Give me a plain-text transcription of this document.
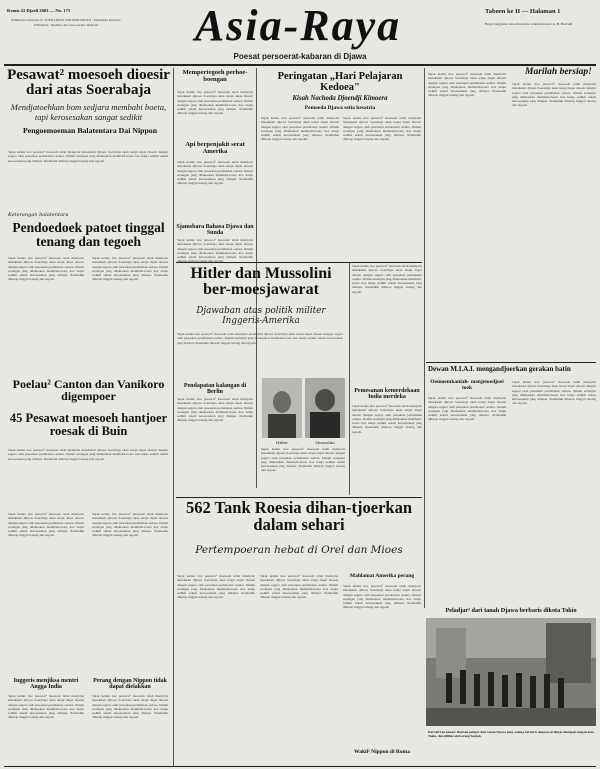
Kemis 22 Djoeli 2603 — No. 171
Pemimpin Oemoem: R. SOEKARDJO WIRJOPRANOTO · Pemimpin Redaksi: WIDJASA · Redaksi dan Tata-oesaha: Djakarta	Asia-Raya
Poesat persoerat-kabaran di Djawa
Taboen ke II — Halaman 1
Harga langganan dan advertentie: Administratoer A. H. HAZAR
Pesawat² moesoeh dioesir dari atas Soerabaja
Mendjatoehkan bom sedjara membabi boeta, tapi kerosesakan sangat sedikit
Pengoemoeman Balatentara Dai Nippon
Sejak ketika itoe pesawat² moesoeh telah mentjoba mendekati djiroes Soerabaja akan tetapi dapat dioesir dengan segera oleh pasoekan pertahanan oedara. Dalam serangan jang dilakoekan membabi-boeta itoe hanja sedikit sekali kerosesakan jang didapat. Penduduk diharap tinggal tenang dan tegoeh.
Keterangan balatentara
Pendoedoek patoet tinggal tenang dan tegoeh
Sejak ketika itoe pesawat² moesoeh telah mentjoba mendekati djiroes Soerabaja akan tetapi dapat dioesir dengan segera oleh pasoekan pertahanan oedara. Dalam serangan jang dilakoekan membabi-boeta itoe hanja sedikit sekali kerosesakan jang didapat. Penduduk diharap tinggal tenang dan tegoeh.
Sejak ketika itoe pesawat² moesoeh telah mentjoba mendekati djiroes Soerabaja akan tetapi dapat dioesir dengan segera oleh pasoekan pertahanan oedara. Dalam serangan jang dilakoekan membabi-boeta itoe hanja sedikit sekali kerosesakan jang didapat. Penduduk diharap tinggal tenang dan tegoeh.
Poelau² Canton dan Vanikoro digempoer
45 Pesawat moesoeh hantjoer roesak di Buin
Sejak ketika itoe pesawat² moesoeh telah mentjoba mendekati djiroes Soerabaja akan tetapi dapat dioesir dengan segera oleh pasoekan pertahanan oedara. Dalam serangan jang dilakoekan membabi-boeta itoe hanja sedikit sekali kerosesakan jang didapat. Penduduk diharap tinggal tenang dan tegoeh.
Sejak ketika itoe pesawat² moesoeh telah mentjoba mendekati djiroes Soerabaja akan tetapi dapat dioesir dengan segera oleh pasoekan pertahanan oedara. Dalam serangan jang dilakoekan membabi-boeta itoe hanja sedikit sekali kerosesakan jang didapat. Penduduk diharap tinggal tenang dan tegoeh.
Sejak ketika itoe pesawat² moesoeh telah mentjoba mendekati djiroes Soerabaja akan tetapi dapat dioesir dengan segera oleh pasoekan pertahanan oedara. Dalam serangan jang dilakoekan membabi-boeta itoe hanja sedikit sekali kerosesakan jang didapat. Penduduk diharap tinggal tenang dan tegoeh.
Inggeris menjiksa mentri Angga India
Sejak ketika itoe pesawat² moesoeh telah mentjoba mendekati djiroes Soerabaja akan tetapi dapat dioesir dengan segera oleh pasoekan pertahanan oedara. Dalam serangan jang dilakoekan membabi-boeta itoe hanja sedikit sekali kerosesakan jang didapat. Penduduk diharap tinggal tenang dan tegoeh.
Perang dengan Nippon tidak dapat dielakkan
Sejak ketika itoe pesawat² moesoeh telah mentjoba mendekati djiroes Soerabaja akan tetapi dapat dioesir dengan segera oleh pasoekan pertahanan oedara. Dalam serangan jang dilakoekan membabi-boeta itoe hanja sedikit sekali kerosesakan jang didapat. Penduduk diharap tinggal tenang dan tegoeh.
Mempertegoeh perhoe-boengan
Sejak ketika itoe pesawat² moesoeh telah mentjoba mendekati djiroes Soerabaja akan tetapi dapat dioesir dengan segera oleh pasoekan pertahanan oedara. Dalam serangan jang dilakoekan membabi-boeta itoe hanja sedikit sekali kerosesakan jang didapat. Penduduk diharap tinggal tenang dan tegoeh.
Api berpenjakit serat Amerika
Sejak ketika itoe pesawat² moesoeh telah mentjoba mendekati djiroes Soerabaja akan tetapi dapat dioesir dengan segera oleh pasoekan pertahanan oedara. Dalam serangan jang dilakoekan membabi-boeta itoe hanja sedikit sekali kerosesakan jang didapat. Penduduk diharap tinggal tenang dan tegoeh.
Sjamsbara Bahasa Djawa dan Sunda
Sejak ketika itoe pesawat² moesoeh telah mentjoba mendekati djiroes Soerabaja akan tetapi dapat dioesir dengan segera oleh pasoekan pertahanan oedara. Dalam serangan jang dilakoekan membabi-boeta itoe hanja sedikit sekali kerosesakan jang didapat. Penduduk
Pendapatan kalangan di Berlin
Sejak ketika itoe pesawat² moesoeh telah mentjoba mendekati djiroes Soerabaja akan tetapi dapat dioesir dengan segera oleh pasoekan pertahanan oedara. Dalam serangan jang dilakoekan membabi-boeta itoe hanja sedikit sekali kerosesakan jang didapat. Penduduk diharap tinggal tenang dan tegoeh.
Peringatan „Hari Pelajaran Kedoea"
Kisah Nachoda Djoendji Kimoera
Pemoeda Djawa setia kesatria
Sejak ketika itoe pesawat² moesoeh telah mentjoba mendekati djiroes Soerabaja akan tetapi dapat dioesir dengan segera oleh pasoekan pertahanan oedara. Dalam serangan jang dilakoekan membabi-boeta itoe hanja sedikit sekali kerosesakan jang didapat. Penduduk diharap tinggal tenang dan tegoeh.
Sejak ketika itoe pesawat² moesoeh telah mentjoba mendekati djiroes Soerabaja akan tetapi dapat dioesir dengan segera oleh pasoekan pertahanan oedara. Dalam serangan jang dilakoekan membabi-boeta itoe hanja sedikit sekali kerosesakan jang didapat. Penduduk diharap tinggal tenang dan tegoeh.
Hitler dan Mussolini ber-moesjawarat
Djawaban atas politik militer Inggeris-Amerika
Sejak ketika itoe pesawat² moesoeh telah mentjoba mendekati djiroes Soerabaja akan tetapi dapat dioesir dengan segera oleh pasoekan pertahanan oedara. Dalam serangan jang dilakoekan membabi-boeta itoe hanja sedikit sekali kerosesakan jang didapat. Penduduk diharap tinggal tenang dan tegoeh.
Hitler	Mussolini
Sejak ketika itoe pesawat² moesoeh telah mentjoba mendekati djiroes Soerabaja akan tetapi dapat dioesir dengan segera oleh pasoekan pertahanan oedara. Dalam serangan jang dilakoekan membabi-boeta itoe hanja sedikit sekali kerosesakan jang didapat. Penduduk diharap tinggal tenang dan tegoeh.
Sejak ketika itoe pesawat² moesoeh telah mentjoba mendekati djiroes Soerabaja akan tetapi dapat dioesir dengan segera oleh pasoekan pertahanan oedara. Dalam serangan jang dilakoekan membabi-boeta itoe hanja sedikit sekali kerosesakan jang didapat. Penduduk diharap tinggal tenang dan tegoeh.
Pemesanan kemerdekaan India merdeka
Sejak ketika itoe pesawat² moesoeh telah mentjoba mendekati djiroes Soerabaja akan tetapi dapat dioesir dengan segera oleh pasoekan pertahanan oedara. Dalam serangan jang dilakoekan membabi-boeta itoe hanja sedikit sekali kerosesakan jang didapat. Penduduk diharap tinggal tenang dan tegoeh.
562 Tank Roesia dihan-tjoerkan dalam sehari
Pertempoeran hebat di Orel dan Mioes
Sejak ketika itoe pesawat² moesoeh telah mentjoba mendekati djiroes Soerabaja akan tetapi dapat dioesir dengan segera oleh pasoekan pertahanan oedara. Dalam serangan jang dilakoekan membabi-boeta itoe hanja sedikit sekali kerosesakan jang didapat. Penduduk diharap tinggal tenang dan tegoeh.
Sejak ketika itoe pesawat² moesoeh telah mentjoba mendekati djiroes Soerabaja akan tetapi dapat dioesir dengan segera oleh pasoekan pertahanan oedara. Dalam serangan jang dilakoekan membabi-boeta itoe hanja sedikit sekali kerosesakan jang didapat. Penduduk diharap tinggal tenang dan tegoeh.
Mahlamat Amerika perang
Sejak ketika itoe pesawat² moesoeh telah mentjoba mendekati djiroes Soerabaja akan tetapi dapat dioesir dengan segera oleh pasoekan pertahanan oedara. Dalam serangan jang dilakoekan membabi-boeta itoe hanja sedikit sekali kerosesakan jang didapat. Penduduk diharap tinggal tenang dan tegoeh.
Wakil² Nippon di Roma
Sejak ketika itoe pesawat² moesoeh telah mentjoba mendekati djiroes Soerabaja akan tetapi dapat dioesir dengan segera oleh pasoekan pertahanan oedara. Dalam serangan jang dilakoekan membabi-boeta itoe hanja sedikit sekali kerosesakan jang didapat. Penduduk diharap tinggal tenang dan tegoeh.
Marilah bersiap!
Sejak ketika itoe pesawat² moesoeh telah mentjoba mendekati djiroes Soerabaja akan tetapi dapat dioesir dengan segera oleh pasoekan pertahanan oedara. Dalam serangan jang dilakoekan membabi-boeta itoe hanja sedikit sekali kerosesakan jang didapat. Penduduk diharap tinggal tenang dan tegoeh.
Dewan M.I.A.I. mengandjoerkan gerakan batin
Oemoemkanlah- menjetoedjoei toek
Sejak ketika itoe pesawat² moesoeh telah mentjoba mendekati djiroes Soerabaja akan tetapi dapat dioesir dengan segera oleh pasoekan pertahanan oedara. Dalam serangan jang dilakoekan membabi-boeta itoe hanja sedikit sekali kerosesakan jang didapat. Penduduk diharap tinggal tenang dan tegoeh.
Sejak ketika itoe pesawat² moesoeh telah mentjoba mendekati djiroes Soerabaja akan tetapi dapat dioesir dengan segera oleh pasoekan pertahanan oedara. Dalam serangan jang dilakoekan membabi-boeta itoe hanja sedikit sekali kerosesakan jang didapat. Penduduk diharap tinggal tenang dan tegoeh.
Peladjar² dari tanah Djawa berbaris dikota Tokio
Dari kiri ke kanan: Barisan pelajar dari tanah Djawa jang sedang berbaris dengan tertibnja ditengah-tengah kota Tokio, dan dilihat oleh orang banjak.
